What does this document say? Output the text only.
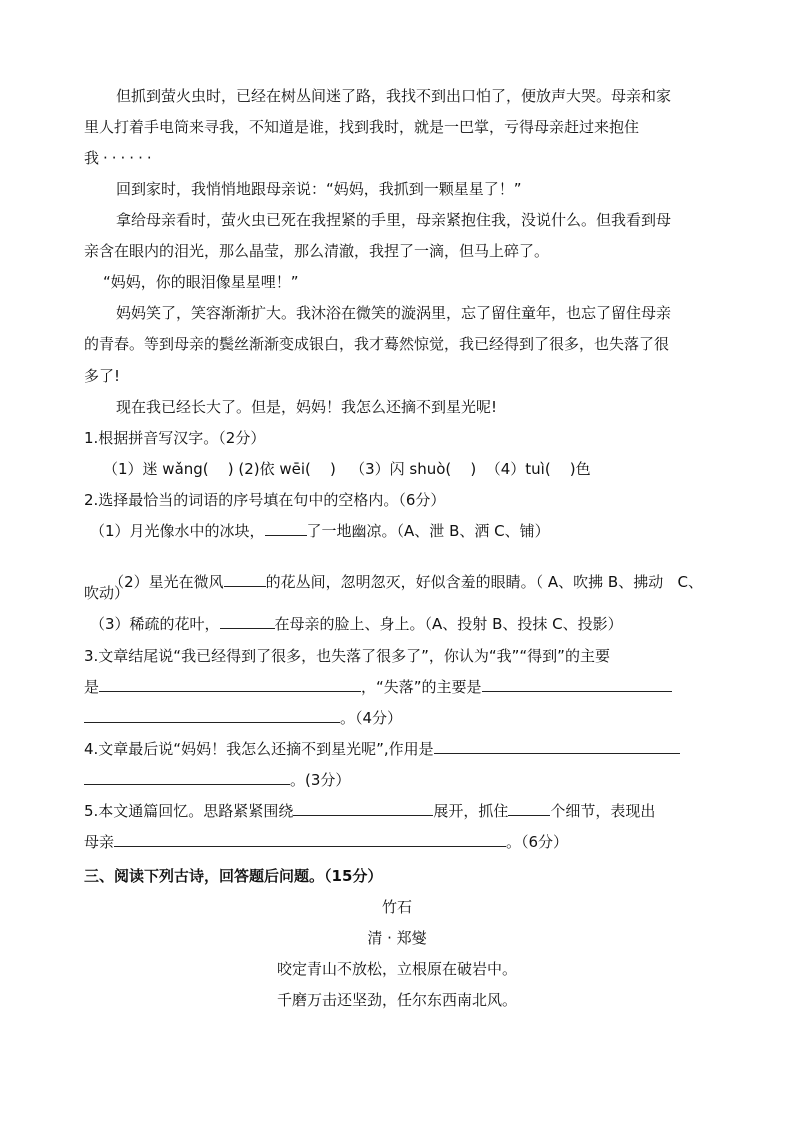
但抓到萤火虫时，已经在树丛间迷了路，我找不到出口怕了，便放声大哭。母亲和家
里人打着手电筒来寻我，不知道是谁，找到我时，就是一巴掌，亏得母亲赶过来抱住
我······
回到家时，我悄悄地跟母亲说：“妈妈，我抓到一颗星星了！”
拿给母亲看时，萤火虫已死在我捏紧的手里，母亲紧抱住我，没说什么。但我看到母
亲含在眼内的泪光，那么晶莹，那么清澈，我捏了一滴，但马上碎了。
“妈妈，你的眼泪像星星哩！”
妈妈笑了，笑容渐渐扩大。我沐浴在微笑的漩涡里，忘了留住童年，也忘了留住母亲
的青春。等到母亲的鬓丝渐渐变成银白，我才蓦然惊觉，我已经得到了很多，也失落了很
多了!
现在我已经长大了。但是，妈妈！我怎么还摘不到星光呢!
1.根据拼音写汉字。（2分）
（1）迷 wǎng(    ) (2)依 wēi(    )   （3）闪 shuò(    )  （4）tuì(    )色
2.选择最恰当的词语的序号填在句中的空格内。（6分）
（1）月光像水中的冰块，	了一地幽凉。（A、泄 B、洒 C、铺）

（2）星光在微风	的花丛间，忽明忽灭，好似含羞的眼睛。（ A、吹拂 B、拂动   C、

吹动）
（3）稀疏的花叶，	在母亲的脸上、身上。（A、投射 B、投抹 C、投影）
3.文章结尾说“我已经得到了很多，也失落了很多了”，你认为“我”“得到”的主要
是	，“失落”的主要是
。（4分）
4.文章最后说“妈妈！我怎么还摘不到星光呢”,作用是
。(3分）
5.本文通篇回忆。思路紧紧围绕	展开，抓住	个细节，表现出
母亲	。（6分）
三、阅读下列古诗，回答题后问题。（15分）
竹石
清 · 郑燮
咬定青山不放松，立根原在破岩中。
千磨万击还坚劲，任尔东西南北风。
